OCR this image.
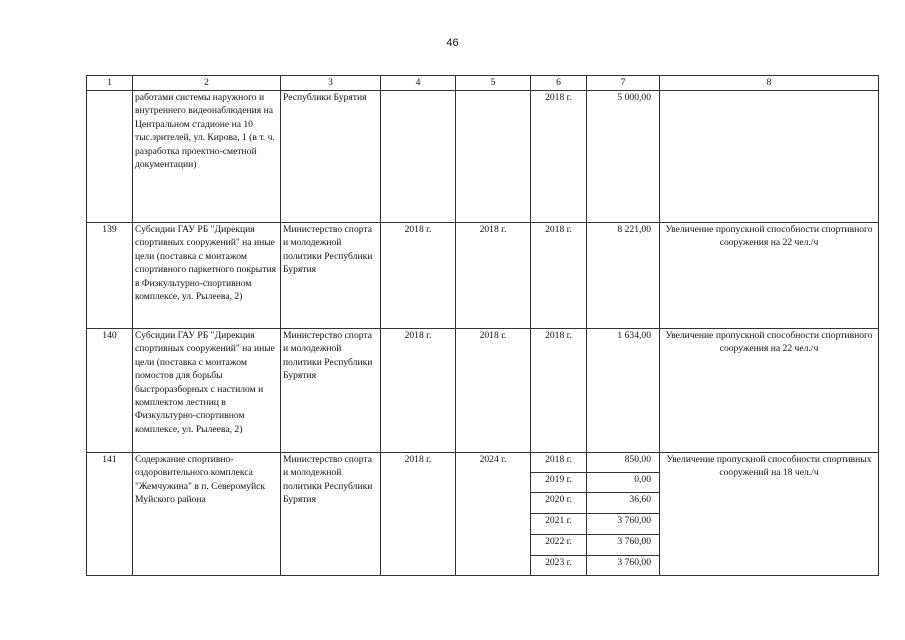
46
1	2	3	4	5	6	7	8
	работами системы наружного и внутреннего видеонаблюдения на Центральном стадионе на 10 тыс.зрителей, ул. Кирова, 1 (в т. ч. разработка проектно-сметной документации)	Республики Бурятия			2018 г.	5 000,00	
139	Субсидии ГАУ РБ "Дирекция спортивных сооружений" на иные цели (поставка с монтажом спортивного паркетного покрытия в Физкультурно-спортивном комплексе, ул. Рылеева, 2)	Министерство спорта и молодежной политики Республики Бурятия	2018 г.	2018 г.	2018 г.	8 221,00	Увеличение пропускной способности спортивного сооружения на 22 чел./ч
140	Субсидии ГАУ РБ "Дирекция спортивных сооружений" на иные цели (поставка с монтажом помостов для борьбы быстроразборных с настилом и комплектом лестниц в Физкультурно-спортивном комплексе, ул. Рылеева, 2)	Министерство спорта и молодежной политики Республики Бурятия	2018 г.	2018 г.	2018 г.	1 634,00	Увеличение пропускной способности спортивного сооружения на 22 чел./ч
141	Содержание спортивно-оздоровительного комплекса "Жемчужина" в п. Северомуйск Муйского района	Министерство спорта и молодежной политики Республики Бурятия	2018 г.	2024 г.	2018 г.	850,00	Увеличение пропускной способности спортивных сооружений на 18 чел./ч
					2019 г.	0,00	
					2020 г.	36,60	
					2021 г.	3 760,00	
					2022 г.	3 760,00	
					2023 г.	3 760,00	
